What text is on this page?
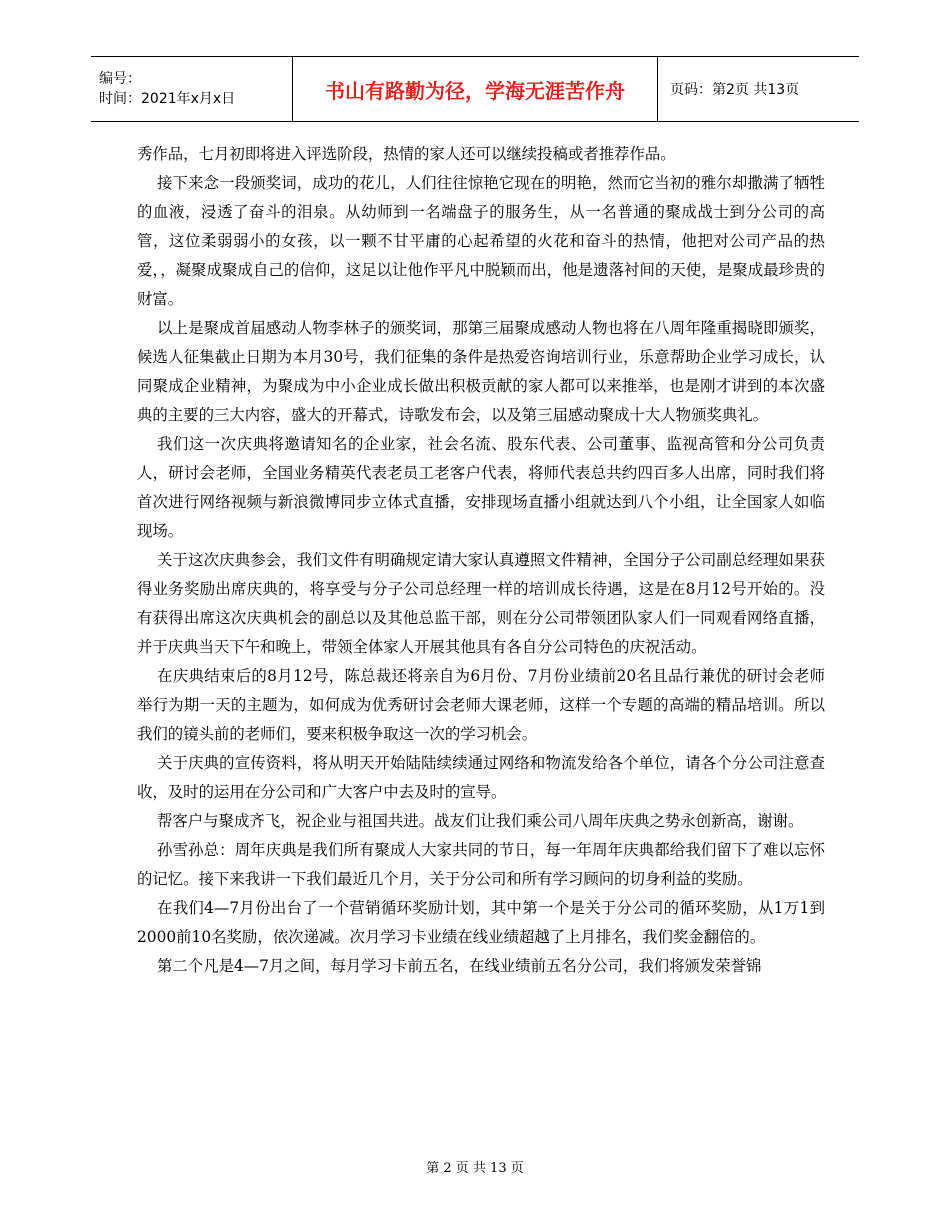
编号：
时间：2021年x月x日	书山有路勤为径，学海无涯苦作舟	页码：第2页 共13页

秀作品，七月初即将进入评选阶段，热情的家人还可以继续投稿或者推荐作品。

接下来念一段颁奖词，成功的花儿，人们往往惊艳它现在的明艳，然而它当初的雅尔却撒满了牺牲的血液，浸透了奋斗的泪泉。从幼师到一名端盘子的服务生，从一名普通的聚成战士到分公司的高管，这位柔弱弱小的女孩，以一颗不甘平庸的心起希望的火花和奋斗的热情，他把对公司产品的热爱，，凝聚成聚成自己的信仰，这足以让他作平凡中脱颖而出，他是遗落衬间的天使，是聚成最珍贵的财富。

以上是聚成首届感动人物李林子的颁奖词，那第三届聚成感动人物也将在八周年隆重揭晓即颁奖，候选人征集截止日期为本月30号，我们征集的条件是热爱咨询培训行业，乐意帮助企业学习成长，认同聚成企业精神，为聚成为中小企业成长做出积极贡献的家人都可以来推举，也是刚才讲到的本次盛典的主要的三大内容，盛大的开幕式，诗歌发布会，以及第三届感动聚成十大人物颁奖典礼。

我们这一次庆典将邀请知名的企业家，社会名流、股东代表、公司董事、监视高管和分公司负责人，研讨会老师，全国业务精英代表老员工老客户代表，将师代表总共约四百多人出席，同时我们将首次进行网络视频与新浪微博同步立体式直播，安排现场直播小组就达到八个小组，让全国家人如临现场。

关于这次庆典参会，我们文件有明确规定请大家认真遵照文件精神，全国分子公司副总经理如果获得业务奖励出席庆典的，将享受与分子公司总经理一样的培训成长待遇，这是在8月12号开始的。没有获得出席这次庆典机会的副总以及其他总监干部，则在分公司带领团队家人们一同观看网络直播，并于庆典当天下午和晚上，带领全体家人开展其他具有各自分公司特色的庆祝活动。

在庆典结束后的8月12号，陈总裁还将亲自为6月份、7月份业绩前20名且品行兼优的研讨会老师举行为期一天的主题为，如何成为优秀研讨会老师大课老师，这样一个专题的高端的精品培训。所以我们的镜头前的老师们，要来积极争取这一次的学习机会。

关于庆典的宣传资料，将从明天开始陆陆续续通过网络和物流发给各个单位，请各个分公司注意查收，及时的运用在分公司和广大客户中去及时的宣导。

帮客户与聚成齐飞，祝企业与祖国共进。战友们让我们乘公司八周年庆典之势永创新高，谢谢。

孙雪孙总：周年庆典是我们所有聚成人大家共同的节日，每一年周年庆典都给我们留下了难以忘怀的记忆。接下来我讲一下我们最近几个月，关于分公司和所有学习顾问的切身利益的奖励。

在我们4—7月份出台了一个营销循环奖励计划，其中第一个是关于分公司的循环奖励，从1万1到2000前10名奖励，依次递减。次月学习卡业绩在线业绩超越了上月排名，我们奖金翻倍的。

第二个凡是4—7月之间，每月学习卡前五名，在线业绩前五名分公司，我们将颁发荣誉锦

第 2 页 共 13 页
